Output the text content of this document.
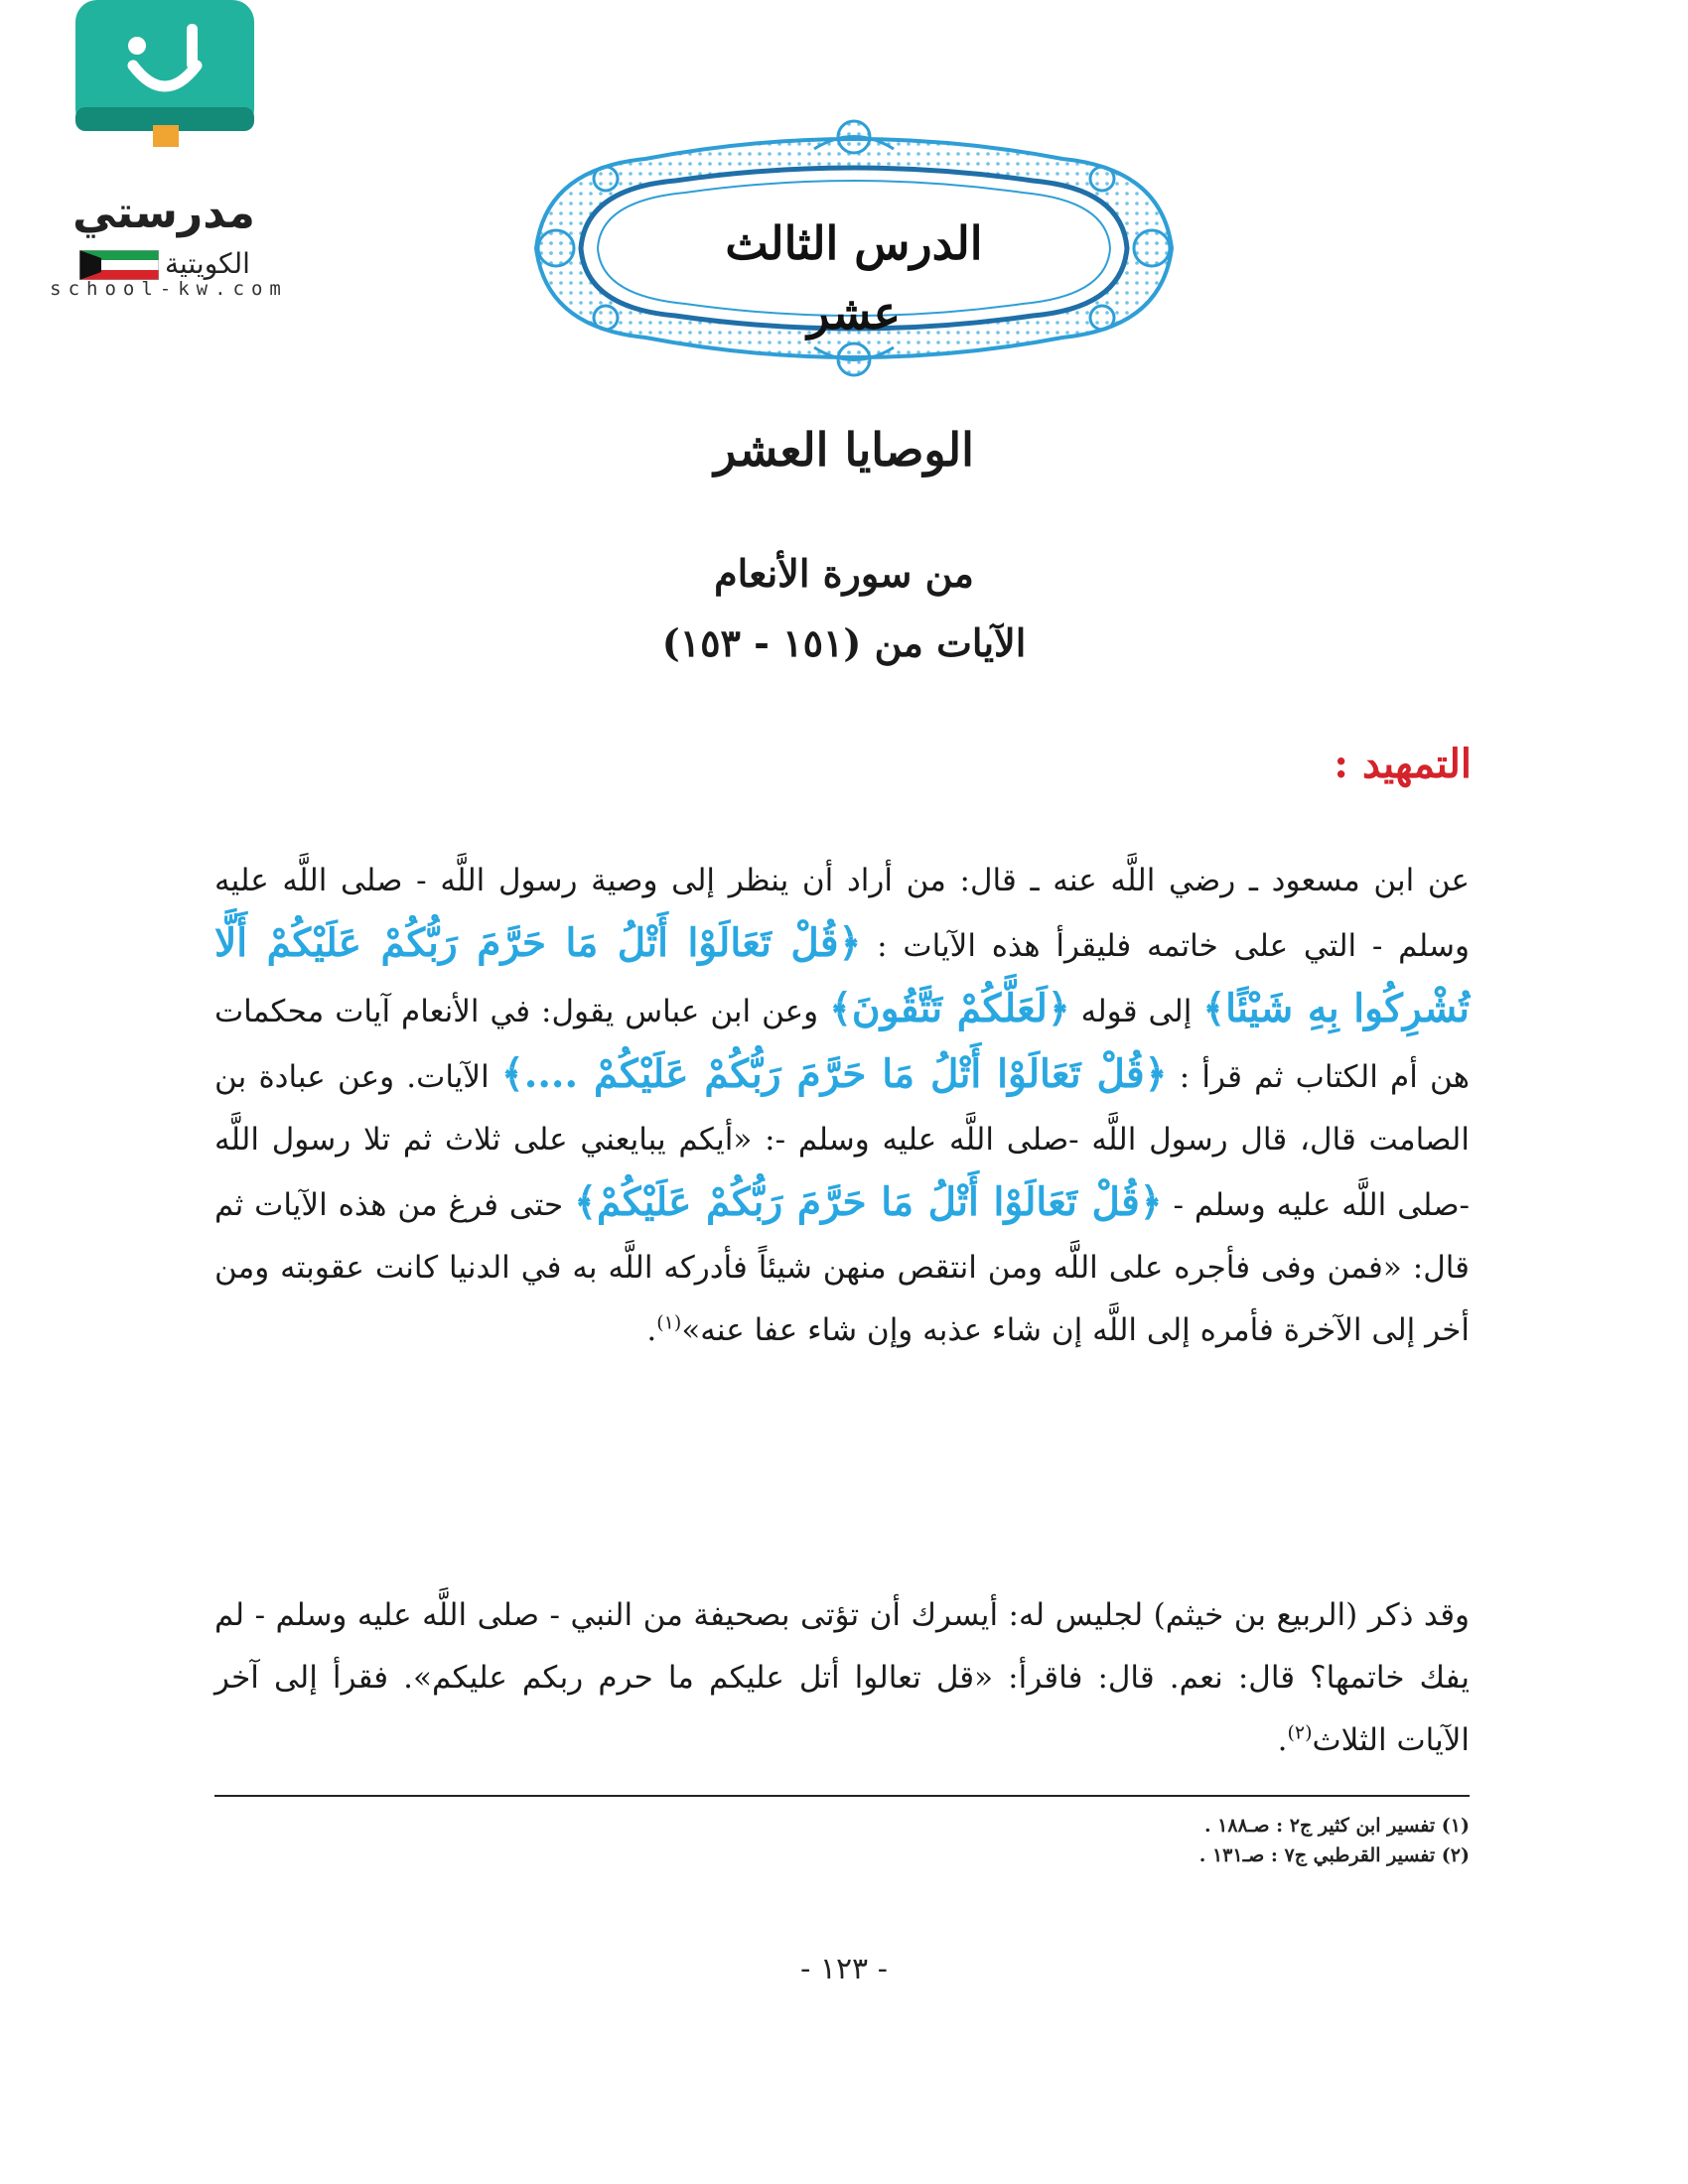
مدرستي
الكويتية
school-kw.com
الدرس الثالث عشر
الوصايا العشر
من سورة الأنعام
الآيات من (١٥١ - ١٥٣)
التمهيد :
عن ابن مسعود ـ رضي اللَّه عنه ـ قال: من أراد أن ينظر إلى وصية رسول اللَّه - صلى اللَّه عليه وسلم - التي على خاتمه فليقرأ هذه الآيات : ﴿قُلْ تَعَالَوْا أَتْلُ مَا حَرَّمَ رَبُّكُمْ عَلَيْكُمْ أَلَّا تُشْرِكُوا بِهِ شَيْئًا﴾ إلى قوله ﴿لَعَلَّكُمْ تَتَّقُونَ﴾ وعن ابن عباس يقول: في الأنعام آيات محكمات هن أم الكتاب ثم قرأ : ﴿قُلْ تَعَالَوْا أَتْلُ مَا حَرَّمَ رَبُّكُمْ عَلَيْكُمْ ....﴾ الآيات. وعن عبادة بن الصامت قال، قال رسول اللَّه -صلى اللَّه عليه وسلم -: «أيكم يبايعني على ثلاث ثم تلا رسول اللَّه -صلى اللَّه عليه وسلم - ﴿قُلْ تَعَالَوْا أَتْلُ مَا حَرَّمَ رَبُّكُمْ عَلَيْكُمْ﴾ حتى فرغ من هذه الآيات ثم قال: «فمن وفى فأجره على اللَّه ومن انتقص منهن شيئاً فأدركه اللَّه به في الدنيا كانت عقوبته ومن أخر إلى الآخرة فأمره إلى اللَّه إن شاء عذبه وإن شاء عفا عنه»$^{(١)}$.
وقد ذكر (الربيع بن خيثم) لجليس له: أيسرك أن تؤتى بصحيفة من النبي - صلى اللَّه عليه وسلم - لم يفك خاتمها؟ قال: نعم. قال: فاقرأ: «قل تعالوا أتل عليكم ما حرم ربكم عليكم». فقرأ إلى آخر الآيات الثلاث$^{(٢)}$.
(١) تفسير ابن كثير ج٢ : صـ١٨٨ .
(٢) تفسير القرطبي ج٧ : صـ١٣١ .
- ١٢٣ -
